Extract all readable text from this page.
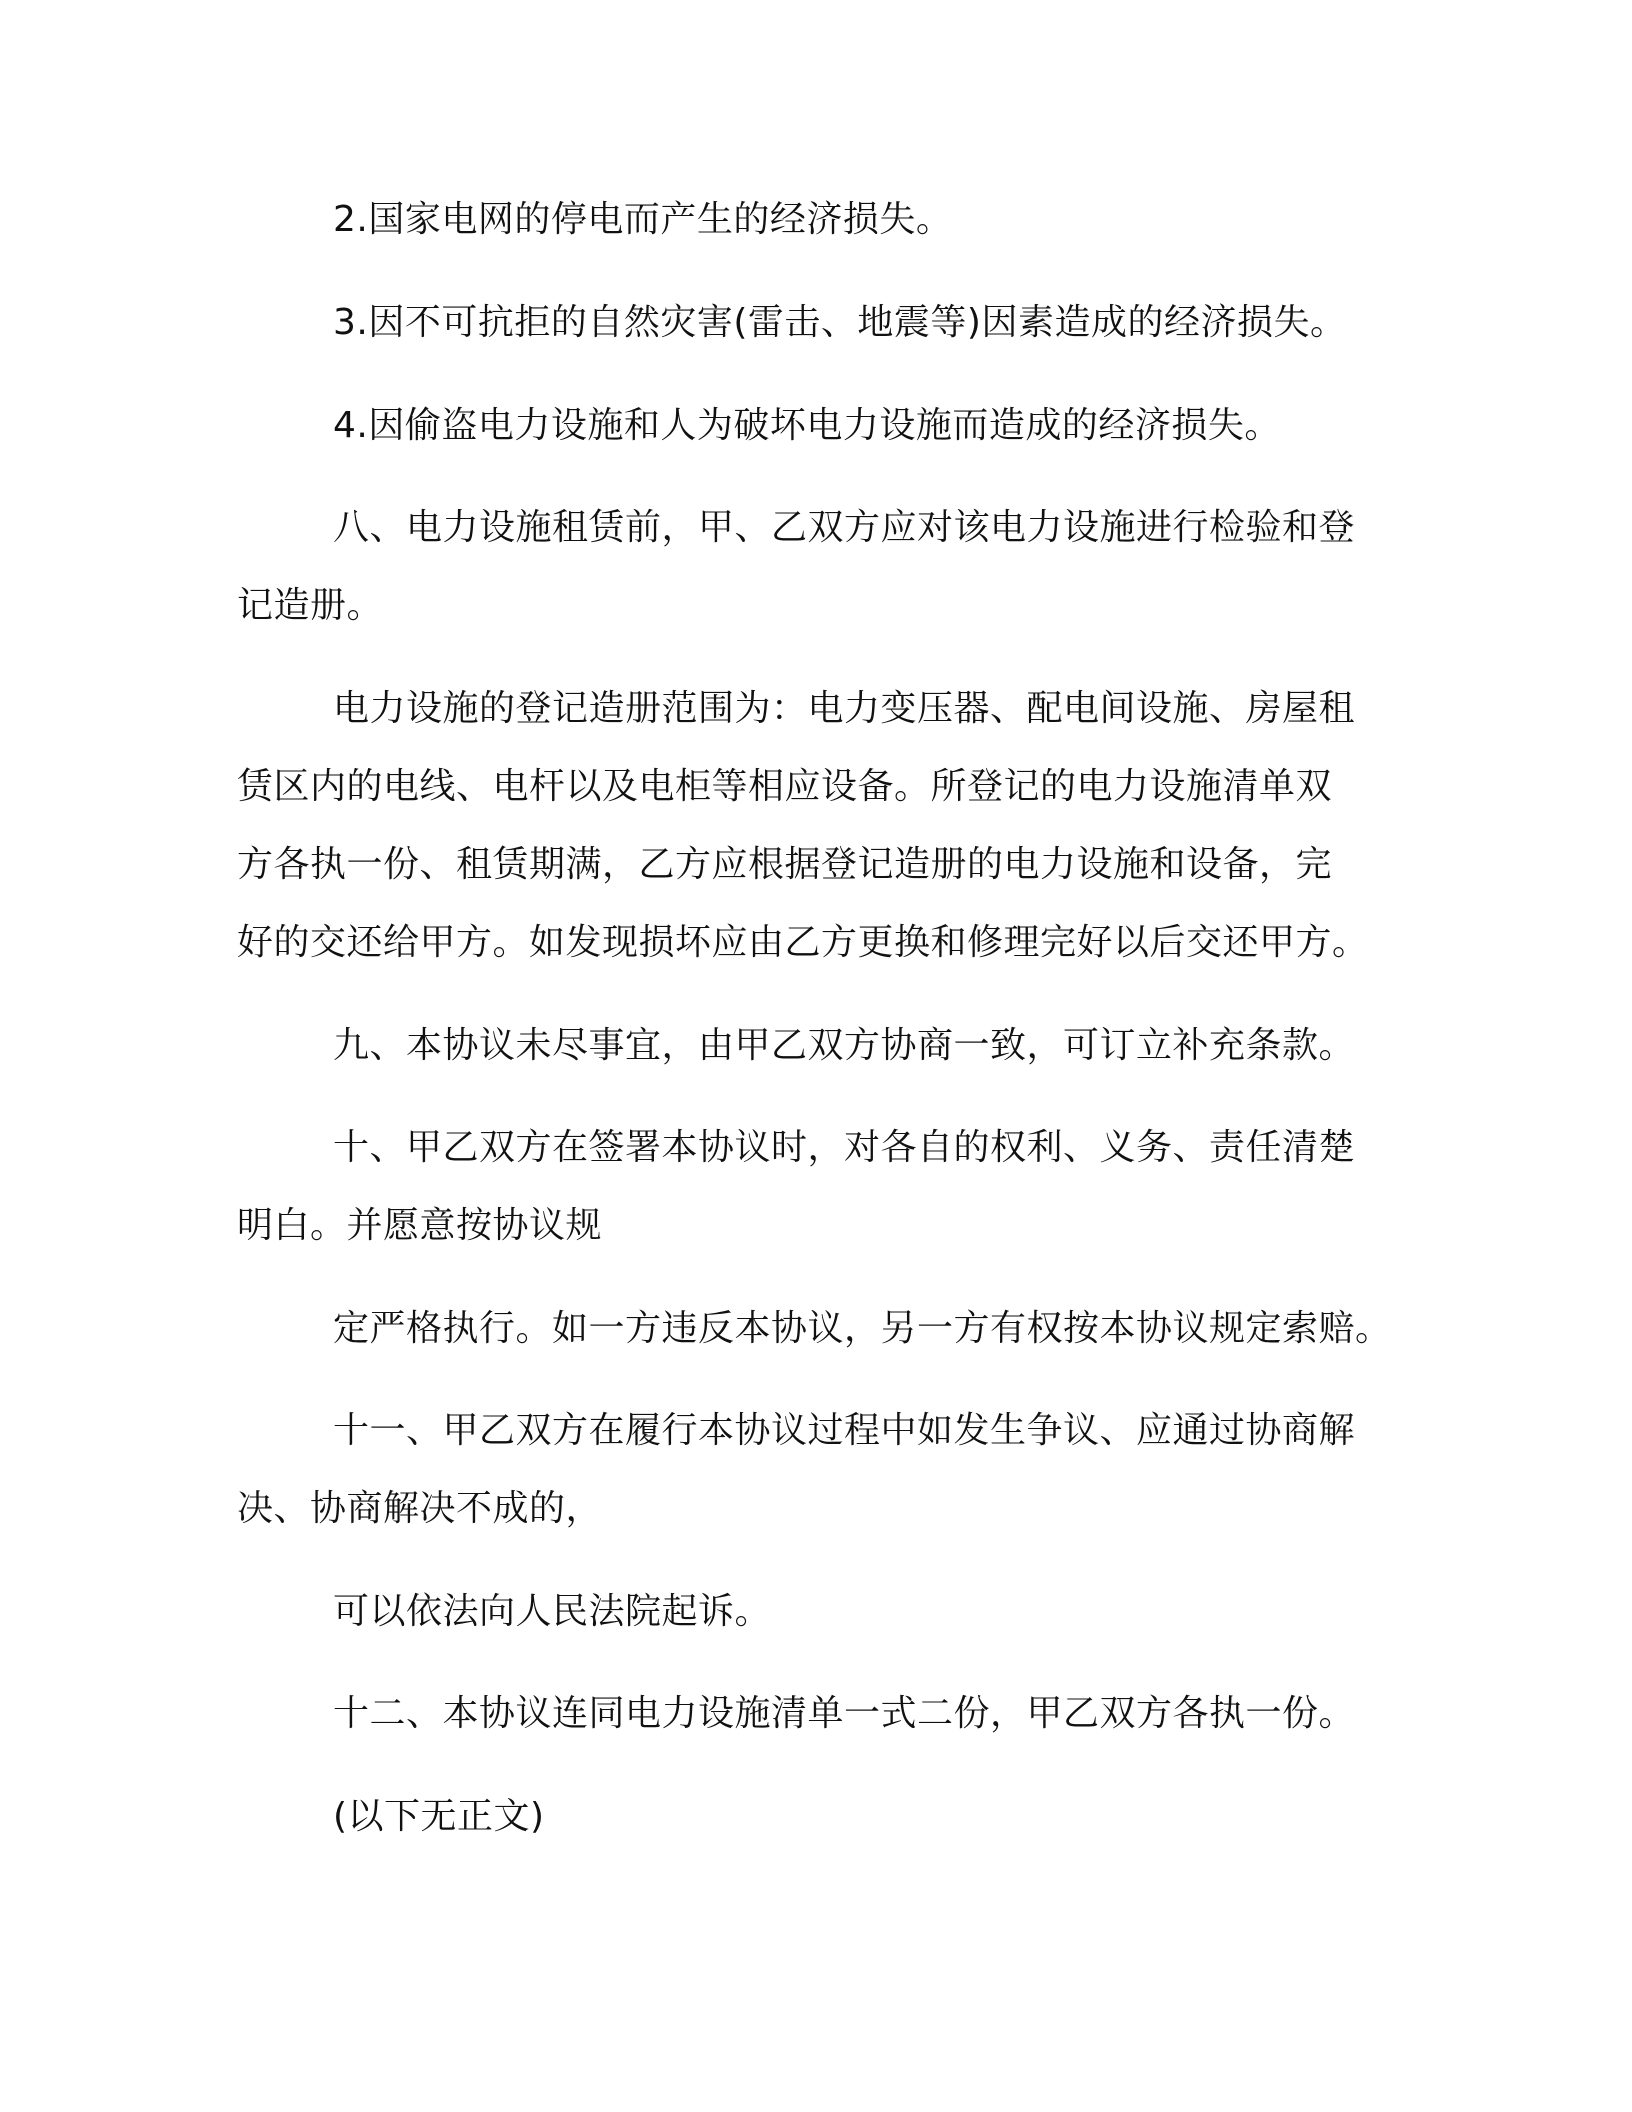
2.国家电网的停电而产生的经济损失。

3.因不可抗拒的自然灾害(雷击、地震等)因素造成的经济损失。

4.因偷盗电力设施和人为破坏电力设施而造成的经济损失。

八、电力设施租赁前，甲、乙双方应对该电力设施进行检验和登

记造册。

电力设施的登记造册范围为：电力变压器、配电间设施、房屋租

赁区内的电线、电杆以及电柜等相应设备。所登记的电力设施清单双

方各执一份、租赁期满，乙方应根据登记造册的电力设施和设备，完

好的交还给甲方。如发现损坏应由乙方更换和修理完好以后交还甲方。

九、本协议未尽事宜，由甲乙双方协商一致，可订立补充条款。

十、甲乙双方在签署本协议时，对各自的权利、义务、责任清楚

明白。并愿意按协议规

定严格执行。如一方违反本协议，另一方有权按本协议规定索赔。

十一、甲乙双方在履行本协议过程中如发生争议、应通过协商解

决、协商解决不成的，

可以依法向人民法院起诉。

十二、本协议连同电力设施清单一式二份，甲乙双方各执一份。

(以下无正文)
